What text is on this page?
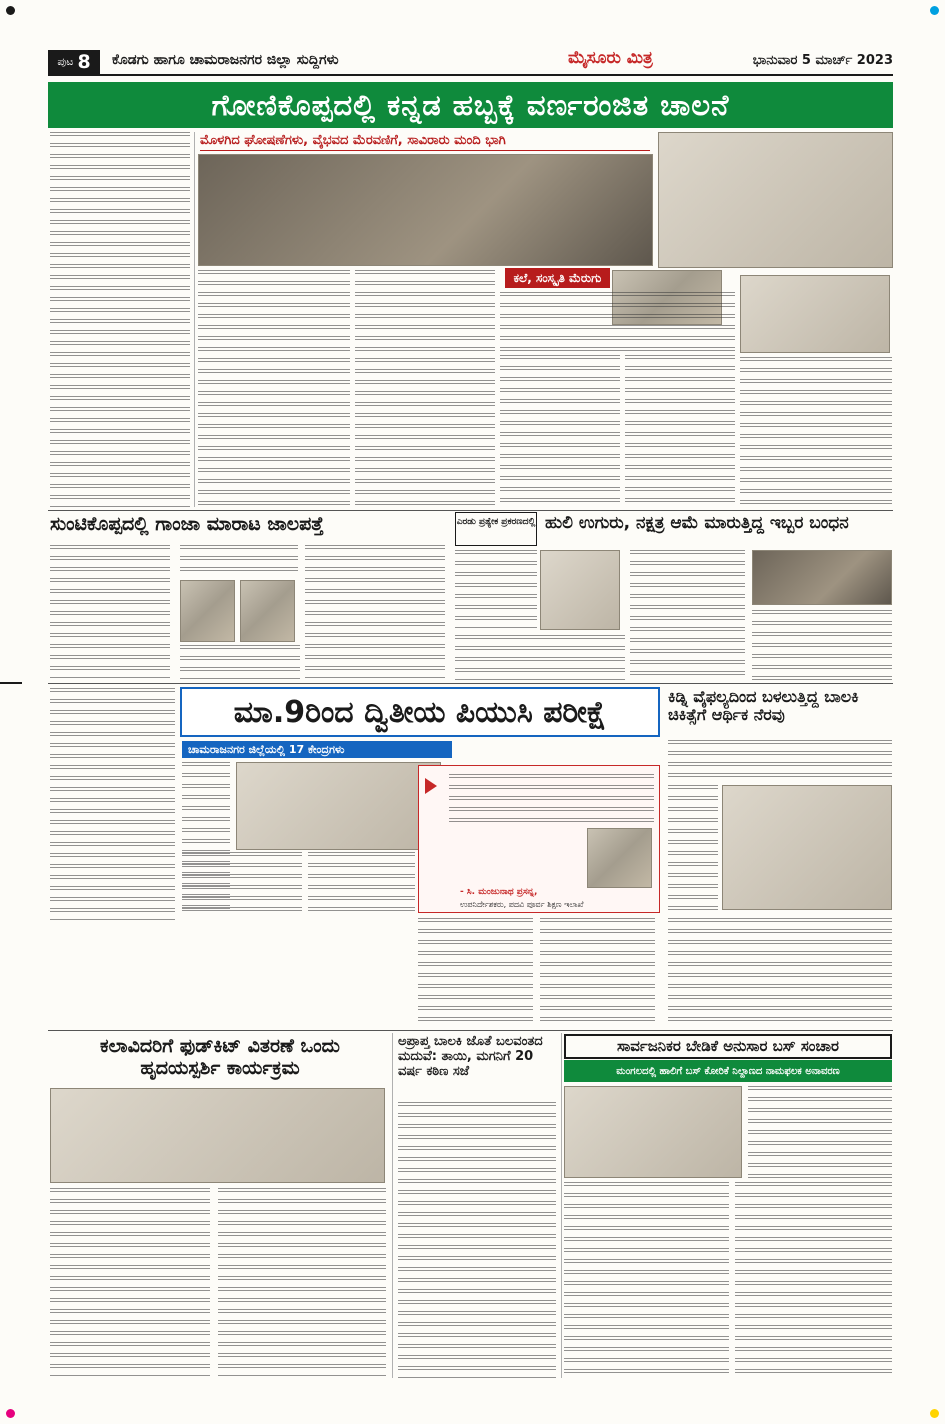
ಪುಟ 8 ಕೊಡಗು ಹಾಗೂ ಚಾಮರಾಜನಗರ ಜಿಲ್ಲಾ ಸುದ್ದಿಗಳು	ಮೈಸೂರು ಮಿತ್ರ	ಭಾನುವಾರ 5 ಮಾರ್ಚ್ 2023
ಗೋಣಿಕೊಪ್ಪದಲ್ಲಿ ಕನ್ನಡ ಹಬ್ಬಕ್ಕೆ ವರ್ಣರಂಜಿತ ಚಾಲನೆ
ಮೊಳಗಿದ ಘೋಷಣೆಗಳು, ವೈಭವದ ಮೆರವಣಿಗೆ, ಸಾವಿರಾರು ಮಂದಿ ಭಾಗಿ
ಕಲೆ, ಸಂಸ್ಕೃತಿ ಮೆರುಗು
ಸುಂಟಿಕೊಪ್ಪದಲ್ಲಿ ಗಾಂಜಾ ಮಾರಾಟ ಜಾಲಪತ್ತೆ	ಎರಡು ಪ್ರತ್ಯೇಕ ಪ್ರಕರಣದಲ್ಲಿ ಹುಲಿ ಉಗುರು, ನಕ್ಷತ್ರ ಆಮೆ ಮಾರುತ್ತಿದ್ದ ಇಬ್ಬರ ಬಂಧನ
ಮಾ.9ರಿಂದ ದ್ವಿತೀಯ ಪಿಯುಸಿ ಪರೀಕ್ಷೆ
ಚಾಮರಾಜನಗರ ಜಿಲ್ಲೆಯಲ್ಲಿ 17 ಕೇಂದ್ರಗಳು
- ಸಿ. ಮಂಜುನಾಥ ಪ್ರಸನ್ನ,
ಉಪನಿರ್ದೇಶಕರು, ಪದವಿ ಪೂರ್ವ ಶಿಕ್ಷಣ ಇಲಾಖೆ
ಕಿಡ್ನಿ ವೈಫಲ್ಯದಿಂದ ಬಳಲುತ್ತಿದ್ದ ಬಾಲಕಿ ಚಿಕಿತ್ಸೆಗೆ ಆರ್ಥಿಕ ನೆರವು
ಕಲಾವಿದರಿಗೆ ಫುಡ್‌ಕಿಟ್ ವಿತರಣೆ ಒಂದು ಹೃದಯಸ್ಪರ್ಶಿ ಕಾರ್ಯಕ್ರಮ
ಅಪ್ರಾಪ್ತ ಬಾಲಕಿ ಜೊತೆ ಬಲವಂತದ ಮದುವೆ: ತಾಯಿ, ಮಗನಿಗೆ 20 ವರ್ಷ ಕಠಿಣ ಸಜೆ
ಸಾರ್ವಜನಿಕರ ಬೇಡಿಕೆ ಅನುಸಾರ ಬಸ್ ಸಂಚಾರ
ಮಂಗಲದಲ್ಲಿ ಹಾಲಿಗೆ ಬಸ್ ಕೋರಿಕೆ ನಿಲ್ದಾಣದ ನಾಮಫಲಕ ಅನಾವರಣ
